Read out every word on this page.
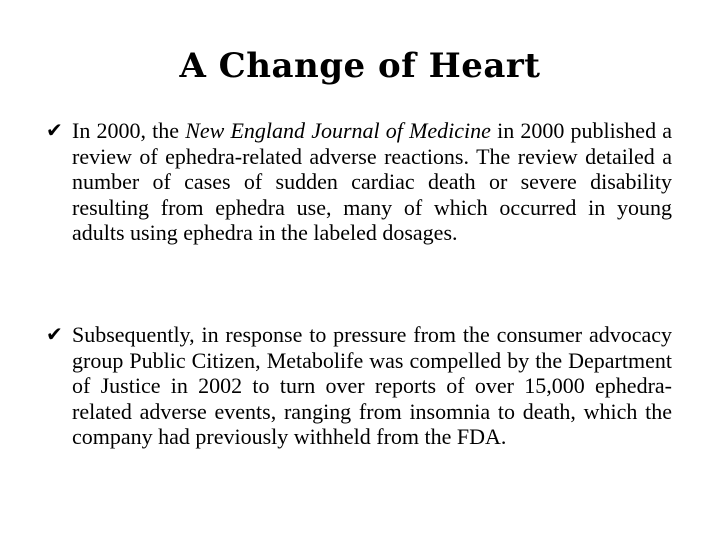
A Change of Heart
✔ In 2000, the New England Journal of Medicine in 2000 published a review of ephedra-related adverse reactions. The review detailed a number of cases of sudden cardiac death or severe disability resulting from ephedra use, many of which occurred in young adults using ephedra in the labeled dosages.
✔ Subsequently, in response to pressure from the consumer advocacy group Public Citizen, Metabolife was compelled by the Department of Justice in 2002 to turn over reports of over 15,000 ephedra-related adverse events, ranging from insomnia to death, which the company had previously withheld from the FDA.
